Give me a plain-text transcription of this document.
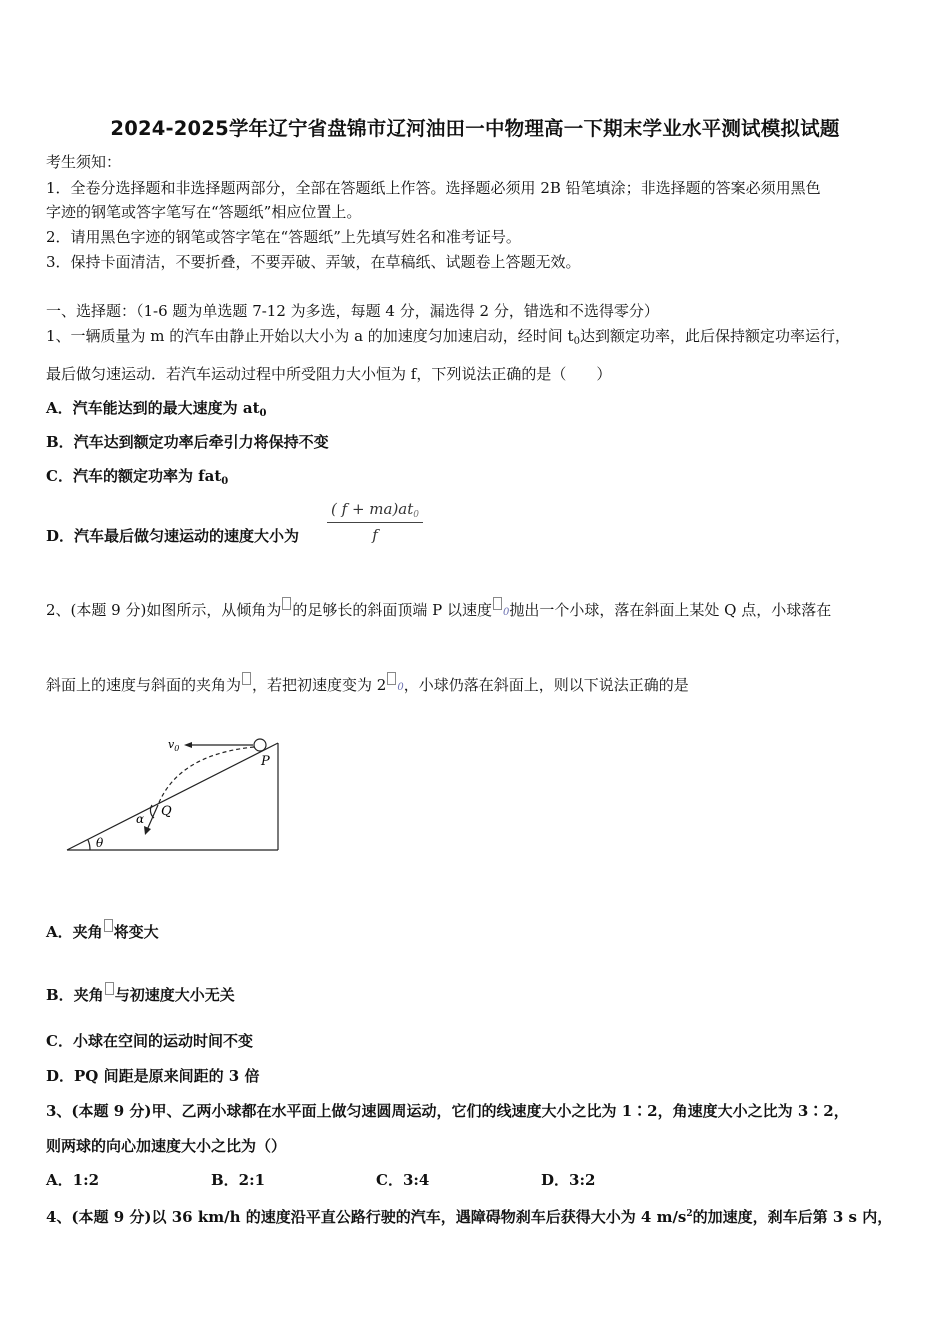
2024-2025学年辽宁省盘锦市辽河油田一中物理高一下期末学业水平测试模拟试题
考生须知：
1．全卷分选择题和非选择题两部分，全部在答题纸上作答。选择题必须用 2B 铅笔填涂；非选择题的答案必须用黑色
字迹的钢笔或答字笔写在“答题纸”相应位置上。
2．请用黑色字迹的钢笔或答字笔在“答题纸”上先填写姓名和准考证号。
3．保持卡面清洁，不要折叠，不要弄破、弄皱，在草稿纸、试题卷上答题无效。
一、选择题：（1-6 题为单选题 7-12 为多选，每题 4 分，漏选得 2 分，错选和不选得零分）
1、一辆质量为 m 的汽车由静止开始以大小为 a 的加速度匀加速启动，经时间 $t_0$达到额定功率，此后保持额定功率运行，
最后做匀速运动．若汽车运动过程中所受阻力大小恒为 f，下列说法正确的是（　　）
A．汽车能达到的最大速度为 $at_0$
B．汽车达到额定功率后牵引力将保持不变
C．汽车的额定功率为 fat$_0$
D．汽车最后做匀速运动的速度大小为 $\frac{( f + ma)at_0}{f}$
2、(本题 9 分)如图所示，从倾角为 的足够长的斜面顶端 P 以速度 0抛出一个小球，落在斜面上某处 Q 点，小球落在
斜面上的速度与斜面的夹角为 ，若把初速度变为 2 0，小球仍落在斜面上，则以下说法正确的是
$v_0$
P
Q
α
θ
A．夹角 将变大
B．夹角 与初速度大小无关
C．小球在空间的运动时间不变
D．PQ 间距是原来间距的 3 倍
3、(本题 9 分)甲、乙两小球都在水平面上做匀速圆周运动，它们的线速度大小之比为 1∶2，角速度大小之比为 3∶2，
则两球的向心加速度大小之比为（）
A．1:2	B．2:1	C．3:4	D．3:2
4、(本题 9 分)以 36 km/h 的速度沿平直公路行驶的汽车，遇障碍物刹车后获得大小为 4 $m/s^2$的加速度，刹车后第 3 s 内，
